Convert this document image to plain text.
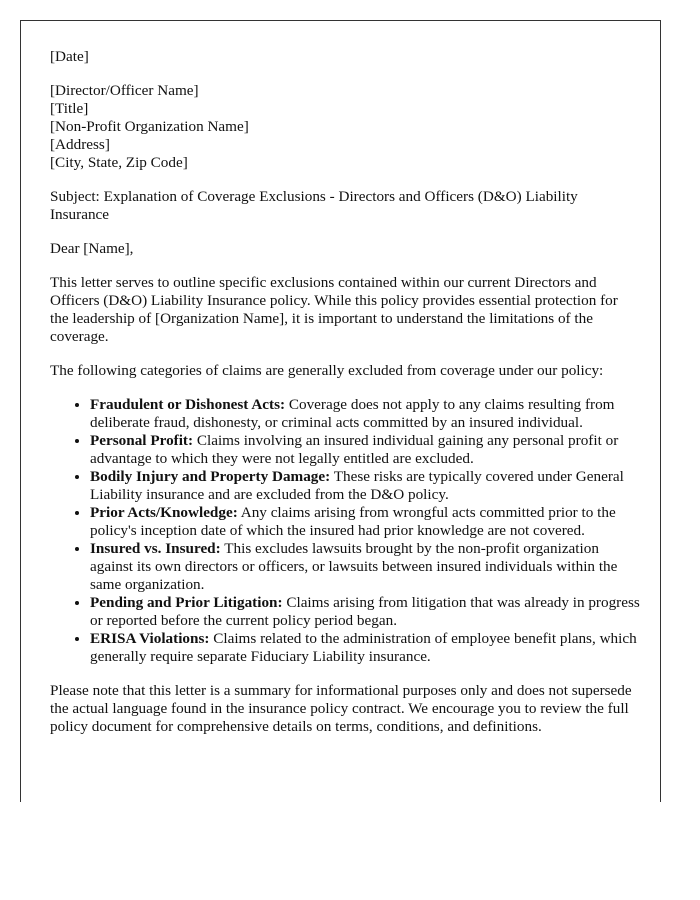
[Date]

[Director/Officer Name]

[Title]

[Non-Profit Organization Name]

[Address]

[City, State, Zip Code]

Subject: Explanation of Coverage Exclusions - Directors and Officers (D&O) Liability Insurance

Dear [Name],

This letter serves to outline specific exclusions contained within our current Directors and Officers (D&O) Liability Insurance policy. While this policy provides essential protection for the leadership of [Organization Name], it is important to understand the limitations of the coverage.

The following categories of claims are generally excluded from coverage under our policy:

• Fraudulent or Dishonest Acts: Coverage does not apply to any claims resulting from deliberate fraud, dishonesty, or criminal acts committed by an insured individual.
• Personal Profit: Claims involving an insured individual gaining any personal profit or advantage to which they were not legally entitled are excluded.
• Bodily Injury and Property Damage: These risks are typically covered under General Liability insurance and are excluded from the D&O policy.
• Prior Acts/Knowledge: Any claims arising from wrongful acts committed prior to the policy's inception date of which the insured had prior knowledge are not covered.
• Insured vs. Insured: This excludes lawsuits brought by the non-profit organization against its own directors or officers, or lawsuits between insured individuals within the same organization.
• Pending and Prior Litigation: Claims arising from litigation that was already in progress or reported before the current policy period began.
• ERISA Violations: Claims related to the administration of employee benefit plans, which generally require separate Fiduciary Liability insurance.

Please note that this letter is a summary for informational purposes only and does not supersede the actual language found in the insurance policy contract. We encourage you to review the full policy document for comprehensive details on terms, conditions, and definitions.
